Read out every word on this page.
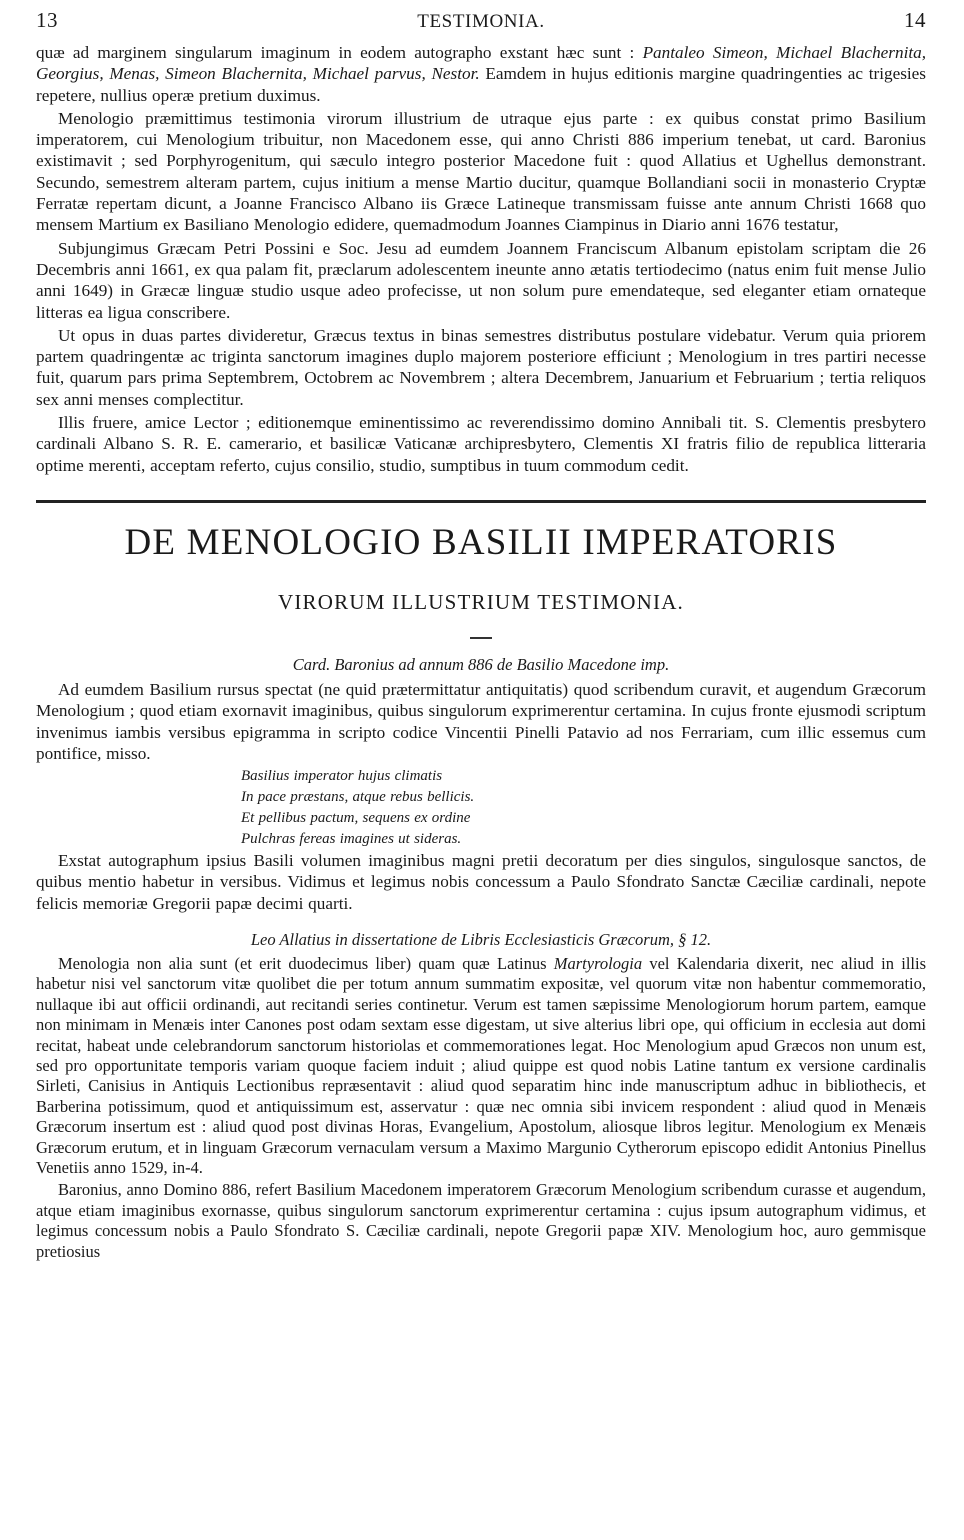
13	TESTIMONIA.	14

quæ ad marginem singularum imaginum in eodem autographo exstant hæc sunt : Pantaleo Simeon, Michael Blachernita, Georgius, Menas, Simeon Blachernita, Michael parvus, Nestor. Eamdem in hujus editionis margine quadringenties ac trigesies repetere, nullius operæ pretium duximus.

Menologio præmittimus testimonia virorum illustrium de utraque ejus parte : ex quibus constat primo Basilium imperatorem, cui Menologium tribuitur, non Macedonem esse, qui anno Christi 886 imperium tenebat, ut card. Baronius existimavit ; sed Porphyrogenitum, qui sæculo integro posterior Macedone fuit : quod Allatius et Ughellus demonstrant. Secundo, semestrem alteram partem, cujus initium a mense Martio ducitur, quamque Bollandiani socii in monasterio Cryptæ Ferratæ repertam dicunt, a Joanne Francisco Albano iis Græce Latineque transmissam fuisse ante annum Christi 1668 quo mensem Martium ex Basiliano Menologio edidere, quemadmodum Joannes Ciampinus in Diario anni 1676 testatur,

Subjungimus Græcam Petri Possini e Soc. Jesu ad eumdem Joannem Franciscum Albanum epistolam scriptam die 26 Decembris anni 1661, ex qua palam fit, præclarum adolescentem ineunte anno ætatis tertiodecimo (natus enim fuit mense Julio anni 1649) in Græcæ linguæ studio usque adeo profecisse, ut non solum pure emendateque, sed eleganter etiam ornateque litteras ea ligua conscribere.

Ut opus in duas partes divideretur, Græcus textus in binas semestres distributus postulare videbatur. Verum quia priorem partem quadringentæ ac triginta sanctorum imagines duplo majorem posteriore efficiunt ; Menologium in tres partiri necesse fuit, quarum pars prima Septembrem, Octobrem ac Novembrem ; altera Decembrem, Januarium et Februarium ; tertia reliquos sex anni menses complectitur.

Illis fruere, amice Lector ; editionemque eminentissimo ac reverendissimo domino Annibali tit. S. Clementis presbytero cardinali Albano S. R. E. camerario, et basilicæ Vaticanæ archipresbytero, Clementis XI fratris filio de republica litteraria optime merenti, acceptam referto, cujus consilio, studio, sumptibus in tuum commodum cedit.

DE MENOLOGIO BASILII IMPERATORIS
VIRORUM ILLUSTRIUM TESTIMONIA.
Card. Baronius ad annum 886 de Basilio Macedone imp.

Ad eumdem Basilium rursus spectat (ne quid prætermittatur antiquitatis) quod scribendum curavit, et augendum Græcorum Menologium ; quod etiam exornavit imaginibus, quibus singulorum exprimerentur certamina. In cujus fronte ejusmodi scriptum invenimus iambis versibus epigramma in scripto codice Vincentii Pinelli Patavio ad nos Ferrariam, cum illic essemus cum pontifice, misso.

Basilius imperator hujus climatis
In pace præstans, atque rebus bellicis.
Et pellibus pactum, sequens ex ordine
Pulchras fereas imagines ut sideras.

Exstat autographum ipsius Basili volumen imaginibus magni pretii decoratum per dies singulos, singulosque sanctos, de quibus mentio habetur in versibus. Vidimus et legimus nobis concessum a Paulo Sfondrato Sanctæ Cæciliæ cardinali, nepote felicis memoriæ Gregorii papæ decimi quarti.

Leo Allatius in dissertatione de Libris Ecclesiasticis Græcorum, § 12.

Menologia non alia sunt (et erit duodecimus liber) quam quæ Latinus Martyrologia vel Kalendaria dixerit, nec aliud in illis habetur nisi vel sanctorum vitæ quolibet die per totum annum summatim expositæ, vel quorum vitæ non habentur commemoratio, nullaque ibi aut officii ordinandi, aut recitandi series continetur. Verum est tamen sæpissime Menologiorum horum partem, eamque non minimam in Menæis inter Canones post odam sextam esse digestam, ut sive alterius libri ope, qui officium in ecclesia aut domi recitat, habeat unde celebrandorum sanctorum historiolas et commemorationes legat. Hoc Menologium apud Græcos non unum est, sed pro opportunitate temporis variam quoque faciem induit ; aliud quippe est quod nobis Latine tantum ex versione cardinalis Sirleti, Canisius in Antiquis Lectionibus repræsentavit : aliud quod separatim hinc inde manuscriptum adhuc in bibliothecis, et Barberina potissimum, quod et antiquissimum est, asservatur : quæ nec omnia sibi invicem respondent : aliud quod in Menæis Græcorum insertum est : aliud quod post divinas Horas, Evangelium, Apostolum, aliosque libros legitur. Menologium ex Menæis Græcorum erutum, et in linguam Græcorum vernaculam versum a Maximo Margunio Cytherorum episcopo edidit Antonius Pinellus Venetiis anno 1529, in-4.

Baronius, anno Domino 886, refert Basilium Macedonem imperatorem Græcorum Menologium scribendum curasse et augendum, atque etiam imaginibus exornasse, quibus singulorum sanctorum exprimerentur certamina : cujus ipsum autographum vidimus, et legimus concessum nobis a Paulo Sfondrato S. Cæciliæ cardinali, nepote Gregorii papæ XIV. Menologium hoc, auro gemmisque pretiosius
